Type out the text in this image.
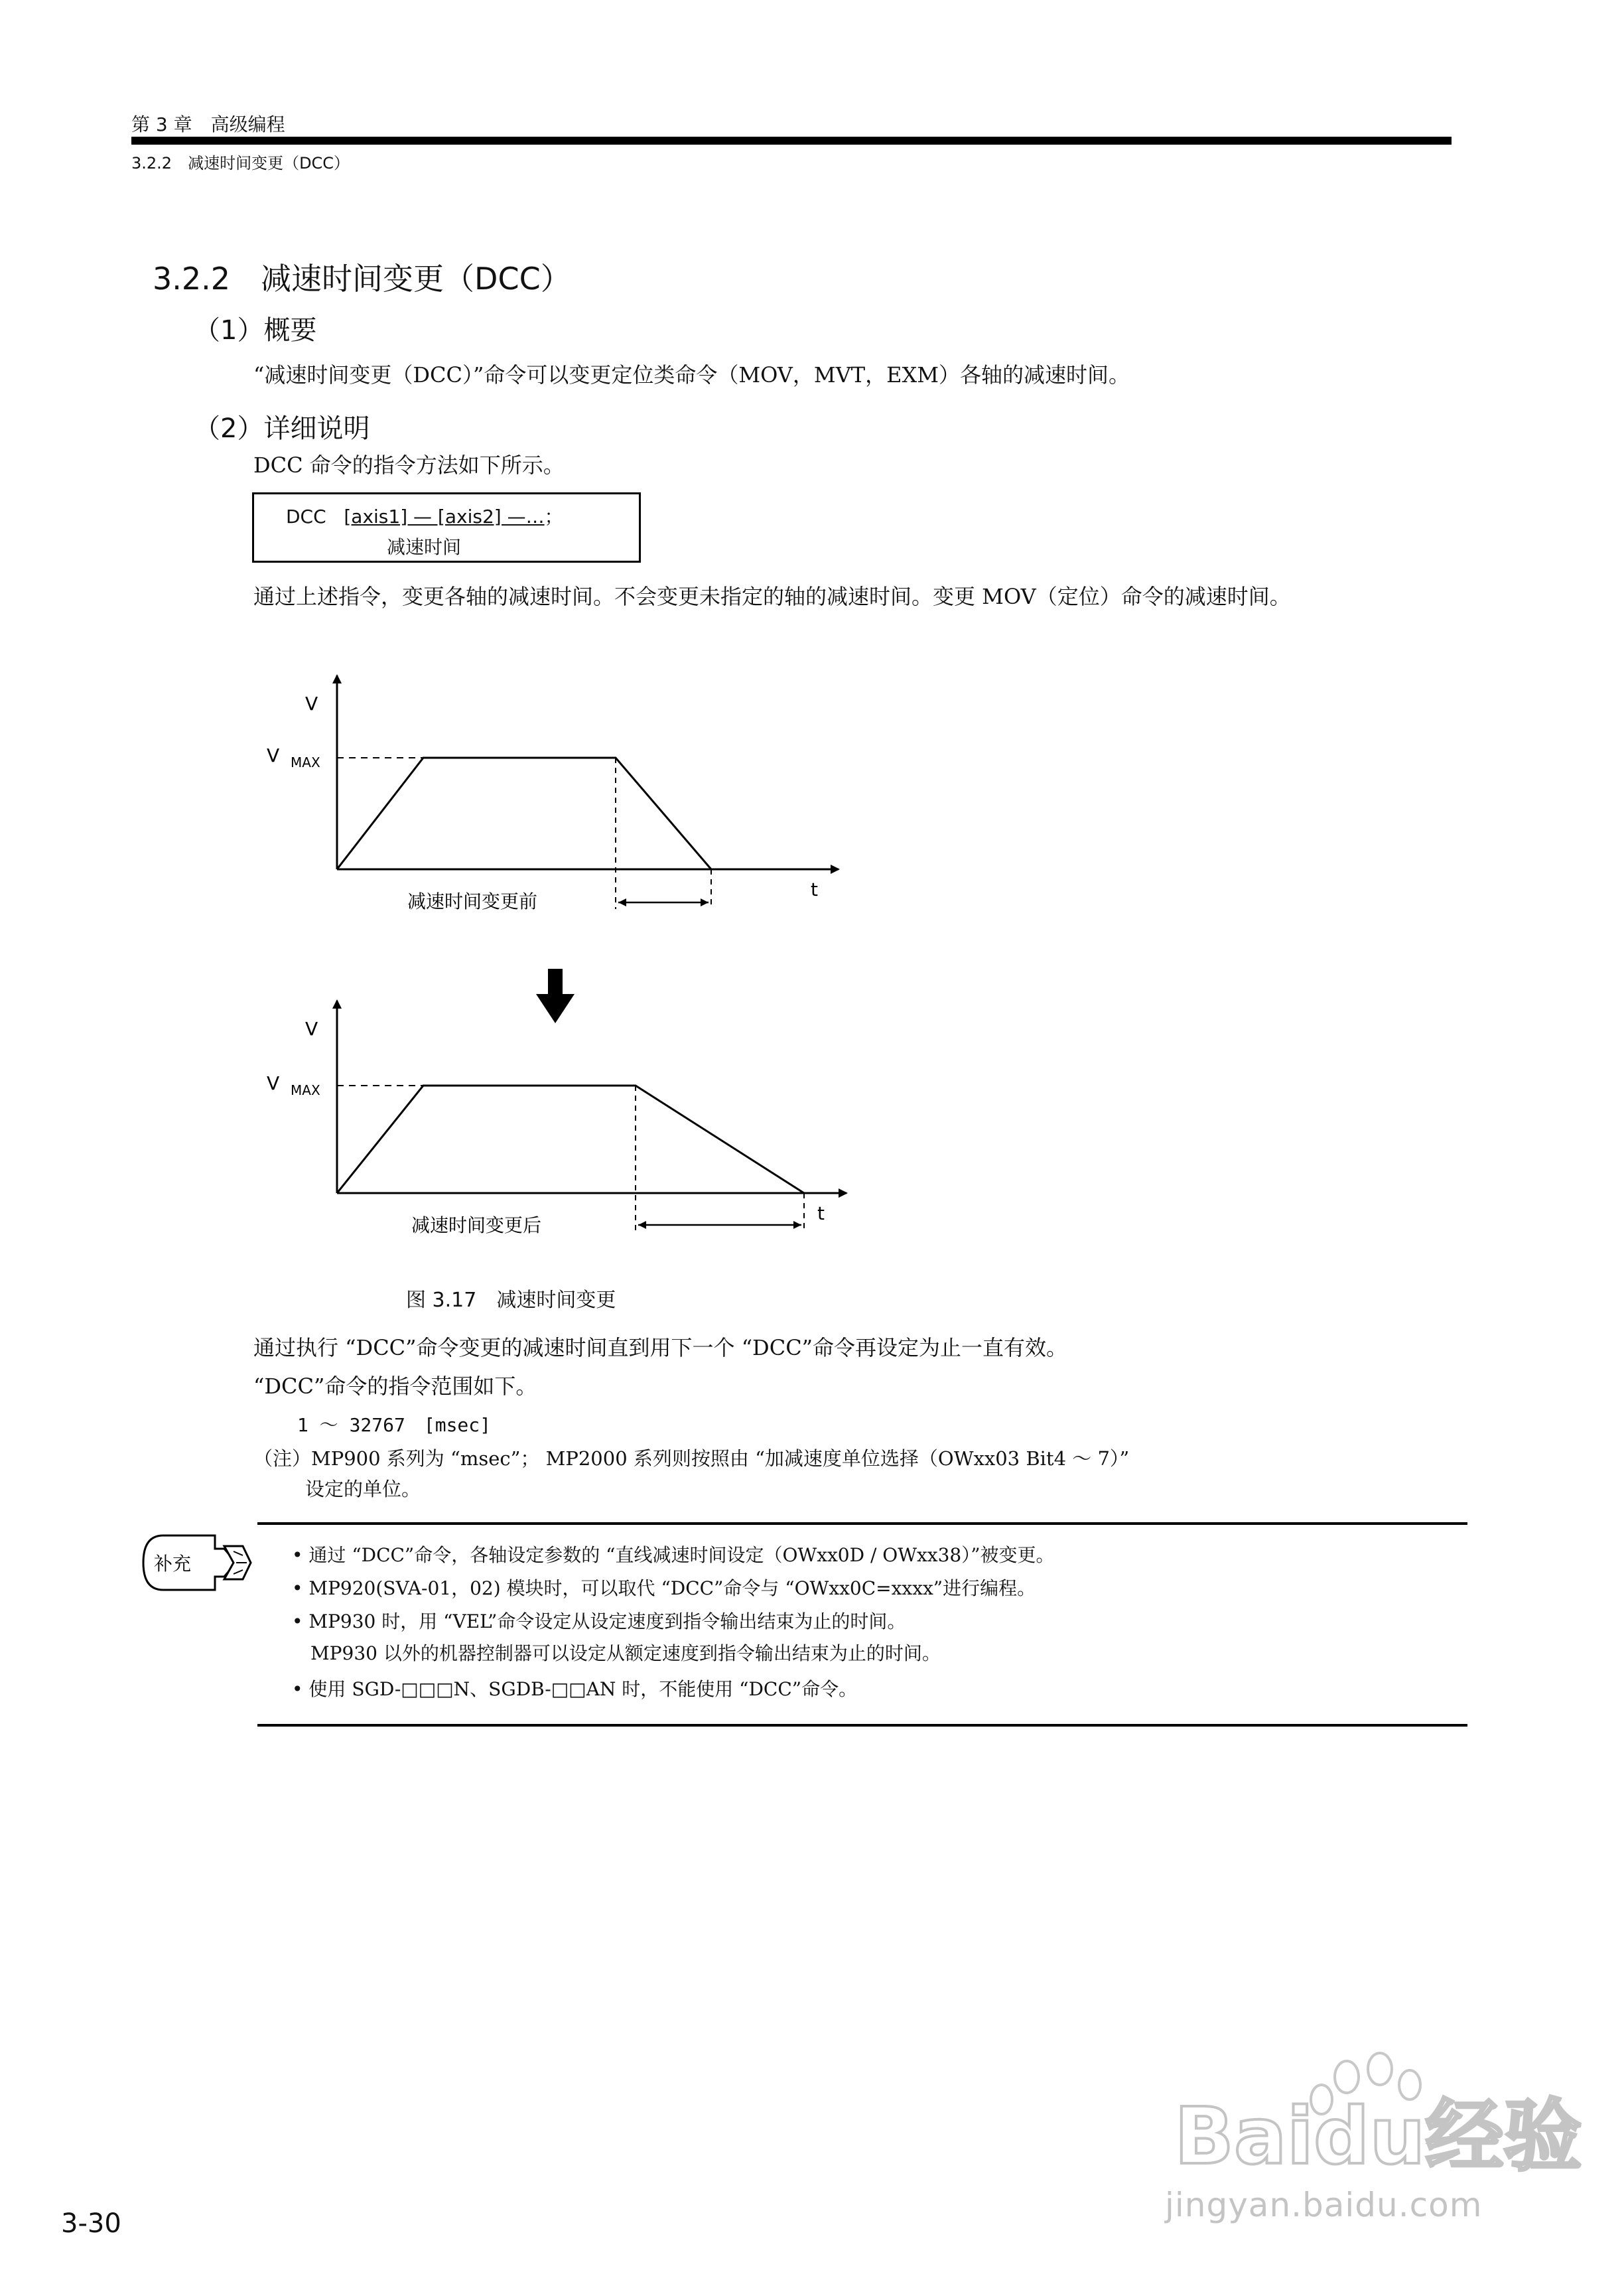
第 3 章　高级编程
3.2.2　减速时间变更（DCC）
3.2.2　减速时间变更（DCC）
（1）概要
“减速时间变更（DCC）”命令可以变更定位类命令（MOV，MVT，EXM）各轴的减速时间。
（2）详细说明
DCC 命令的指令方法如下所示。
DCC [axis1] — [axis2] —…；
减速时间
通过上述指令，变更各轴的减速时间。不会变更未指定的轴的减速时间。变更 MOV（定位）命令的减速时间。
V
V MAX
t
减速时间变更前
V
V MAX
t
减速时间变更后
图 3.17　减速时间变更
通过执行 “DCC”命令变更的减速时间直到用下一个 “DCC”命令再设定为止一直有效。
“DCC”命令的指令范围如下。
1 ～ 32767　[msec]
（注）MP900 系列为 “msec”； MP2000 系列则按照由 “加减速度单位选择（OWxx03 Bit4 ～ 7）”
设定的单位。
补充	• 通过 “DCC”命令，各轴设定参数的 “直线减速时间设定（OWxx0D / OWxx38）”被变更。
• MP920(SVA-01，02) 模块时，可以取代 “DCC”命令与 “OWxx0C=xxxx”进行编程。
• MP930 时，用 “VEL”命令设定从设定速度到指令输出结束为止的时间。
MP930 以外的机器控制器可以设定从额定速度到指令输出结束为止的时间。
• 使用 SGD-□□□N、SGDB-□□AN 时，不能使用 “DCC”命令。
3-30
Baidu经验
jingyan.baidu.com
